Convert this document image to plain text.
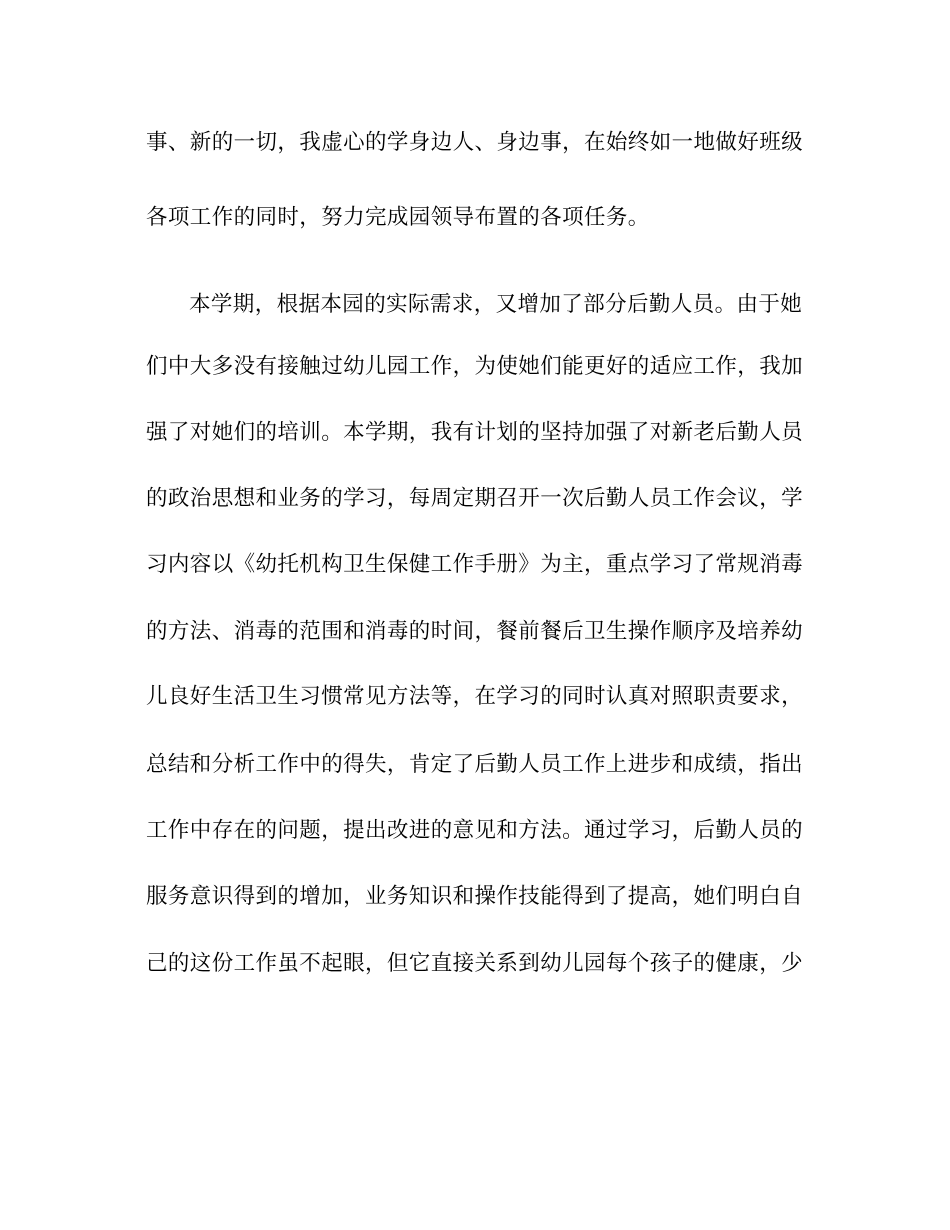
事、新的一切，我虚心的学身边人、身边事，在始终如一地做好班级
各项工作的同时，努力完成园领导布置的各项任务。
本学期，根据本园的实际需求，又增加了部分后勤人员。由于她
们中大多没有接触过幼儿园工作，为使她们能更好的适应工作，我加
强了对她们的培训。本学期，我有计划的坚持加强了对新老后勤人员
的政治思想和业务的学习，每周定期召开一次后勤人员工作会议，学
习内容以《幼托机构卫生保健工作手册》为主，重点学习了常规消毒
的方法、消毒的范围和消毒的时间，餐前餐后卫生操作顺序及培养幼
儿良好生活卫生习惯常见方法等，在学习的同时认真对照职责要求，
总结和分析工作中的得失，肯定了后勤人员工作上进步和成绩，指出
工作中存在的问题，提出改进的意见和方法。通过学习，后勤人员的
服务意识得到的增加，业务知识和操作技能得到了提高，她们明白自
己的这份工作虽不起眼，但它直接关系到幼儿园每个孩子的健康，少
